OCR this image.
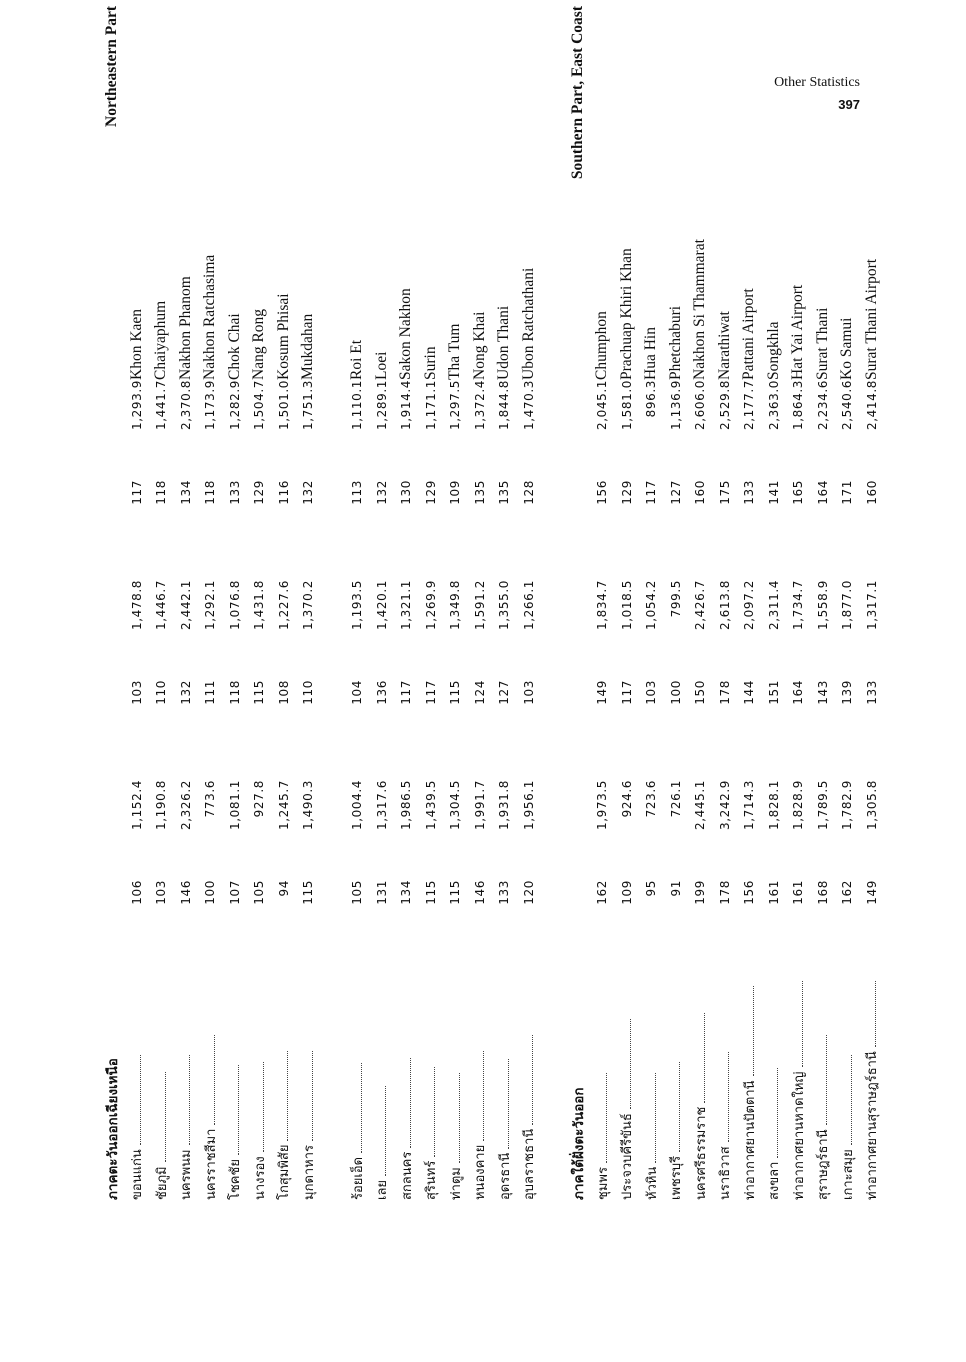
Other Statistics
397
ภาคตะวันออกเฉียงเหนือ							Northeastern Part
ขอนแก่น	106	1,152.4	103	1,478.8	117	1,293.9	Khon Kaen
ชัยภูมิ	103	1,190.8	110	1,446.7	118	1,441.7	Chaiyaphum
นครพนม	146	2,326.2	132	2,442.1	134	2,370.8	Nakhon Phanom
นครราชสีมา	100	773.6	111	1,292.1	118	1,173.9	Nakhon Ratchasima
โชคชัย	107	1,081.1	118	1,076.8	133	1,282.9	Chok Chai
นางรอง	105	927.8	115	1,431.8	129	1,504.7	Nang Rong
โกสุมพิสัย	94	1,245.7	108	1,227.6	116	1,501.0	Kosum Phisai
มุกดาหาร	115	1,490.3	110	1,370.2	132	1,751.3	Mukdahan

ร้อยเอ็ด	105	1,004.4	104	1,193.5	113	1,110.1	Roi Et
เลย	131	1,317.6	136	1,420.1	132	1,289.1	Loei
สกลนคร	134	1,986.5	117	1,321.1	130	1,914.4	Sakon Nakhon
สุรินทร์	115	1,439.5	117	1,269.9	129	1,171.1	Surin
ท่าตูม	115	1,304.5	115	1,349.8	109	1,297.5	Tha Tum
หนองคาย	146	1,991.7	124	1,591.2	135	1,372.4	Nong Khai
อุดรธานี	133	1,931.8	127	1,355.0	135	1,844.8	Udon Thani
อุบลราชธานี	120	1,956.1	103	1,266.1	128	1,470.3	Ubon Ratchathani

ภาคใต้ฝั่งตะวันออก							Southern Part, East Coast
ชุมพร	162	1,973.5	149	1,834.7	156	2,045.1	Chumphon
ประจวบคีรีขันธ์	109	924.6	117	1,018.5	129	1,581.0	Prachuap Khiri Khan
หัวหิน	95	723.6	103	1,054.2	117	896.3	Hua Hin
เพชรบุรี	91	726.1	100	799.5	127	1,136.9	Phetchaburi
นครศรีธรรมราช	199	2,445.1	150	2,426.7	160	2,606.0	Nakhon Si Thammarat
นราธิวาส	178	3,242.9	178	2,613.8	175	2,529.8	Narathiwat
ท่าอากาศยานปัตตานี	156	1,714.3	144	2,097.2	133	2,177.7	Pattani Airport
สงขลา	161	1,828.1	151	2,311.4	141	2,363.0	Songkhla
ท่าอากาศยานหาดใหญ่	161	1,828.9	164	1,734.7	165	1,864.3	Hat Yai Airport
สุราษฎร์ธานี	168	1,789.5	143	1,558.9	164	2,234.6	Surat Thani
เกาะสมุย	162	1,782.9	139	1,877.0	171	2,540.6	Ko Samui
ท่าอากาศยานสุราษฎร์ธานี	149	1,305.8	133	1,317.1	160	2,414.8	Surat Thani Airport
